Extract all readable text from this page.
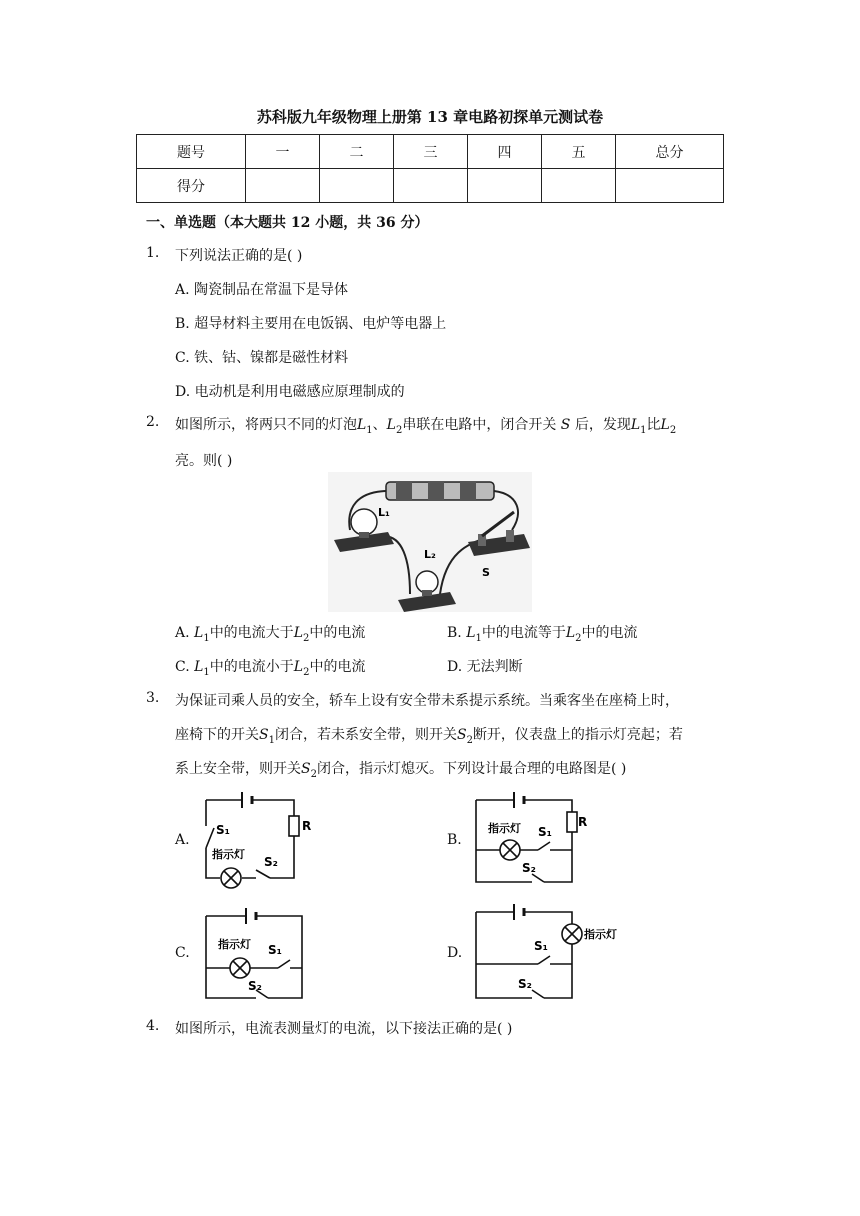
苏科版九年级物理上册第 13 章电路初探单元测试卷
题号	一	二	三	四	五	总分
得分						
一、单选题（本大题共 12 小题，共 36 分）
1. 下列说法正确的是( )
A. 陶瓷制品在常温下是导体
B. 超导材料主要用在电饭锅、电炉等电器上
C. 铁、钴、镍都是磁性材料
D. 电动机是利用电磁感应原理制成的
2. 如图所示，将两只不同的灯泡$L_1$、$L_2$串联在电路中，闭合开关 S 后，发现$L_1$比$L_2$
亮。则( )
L₁
L₂
S
A. $L_1$中的电流大于$L_2$中的电流	B. $L_1$中的电流等于$L_2$中的电流
C. $L_1$中的电流小于$L_2$中的电流	D. 无法判断
3. 为保证司乘人员的安全，轿车上设有安全带未系提示系统。当乘客坐在座椅上时，
座椅下的开关$S_1$闭合，若未系安全带，则开关$S_2$断开，仪表盘上的指示灯亮起；若
系上安全带，则开关$S_2$闭合，指示灯熄灭。下列设计最合理的电路图是( )
A.	B.
C.	D.
S₁	R
指示灯
S₂
指示灯 S₁
R
S₂
指示灯 S₁
S₂
指示灯
S₁
S₂
4. 如图所示，电流表测量灯的电流，以下接法正确的是( )
